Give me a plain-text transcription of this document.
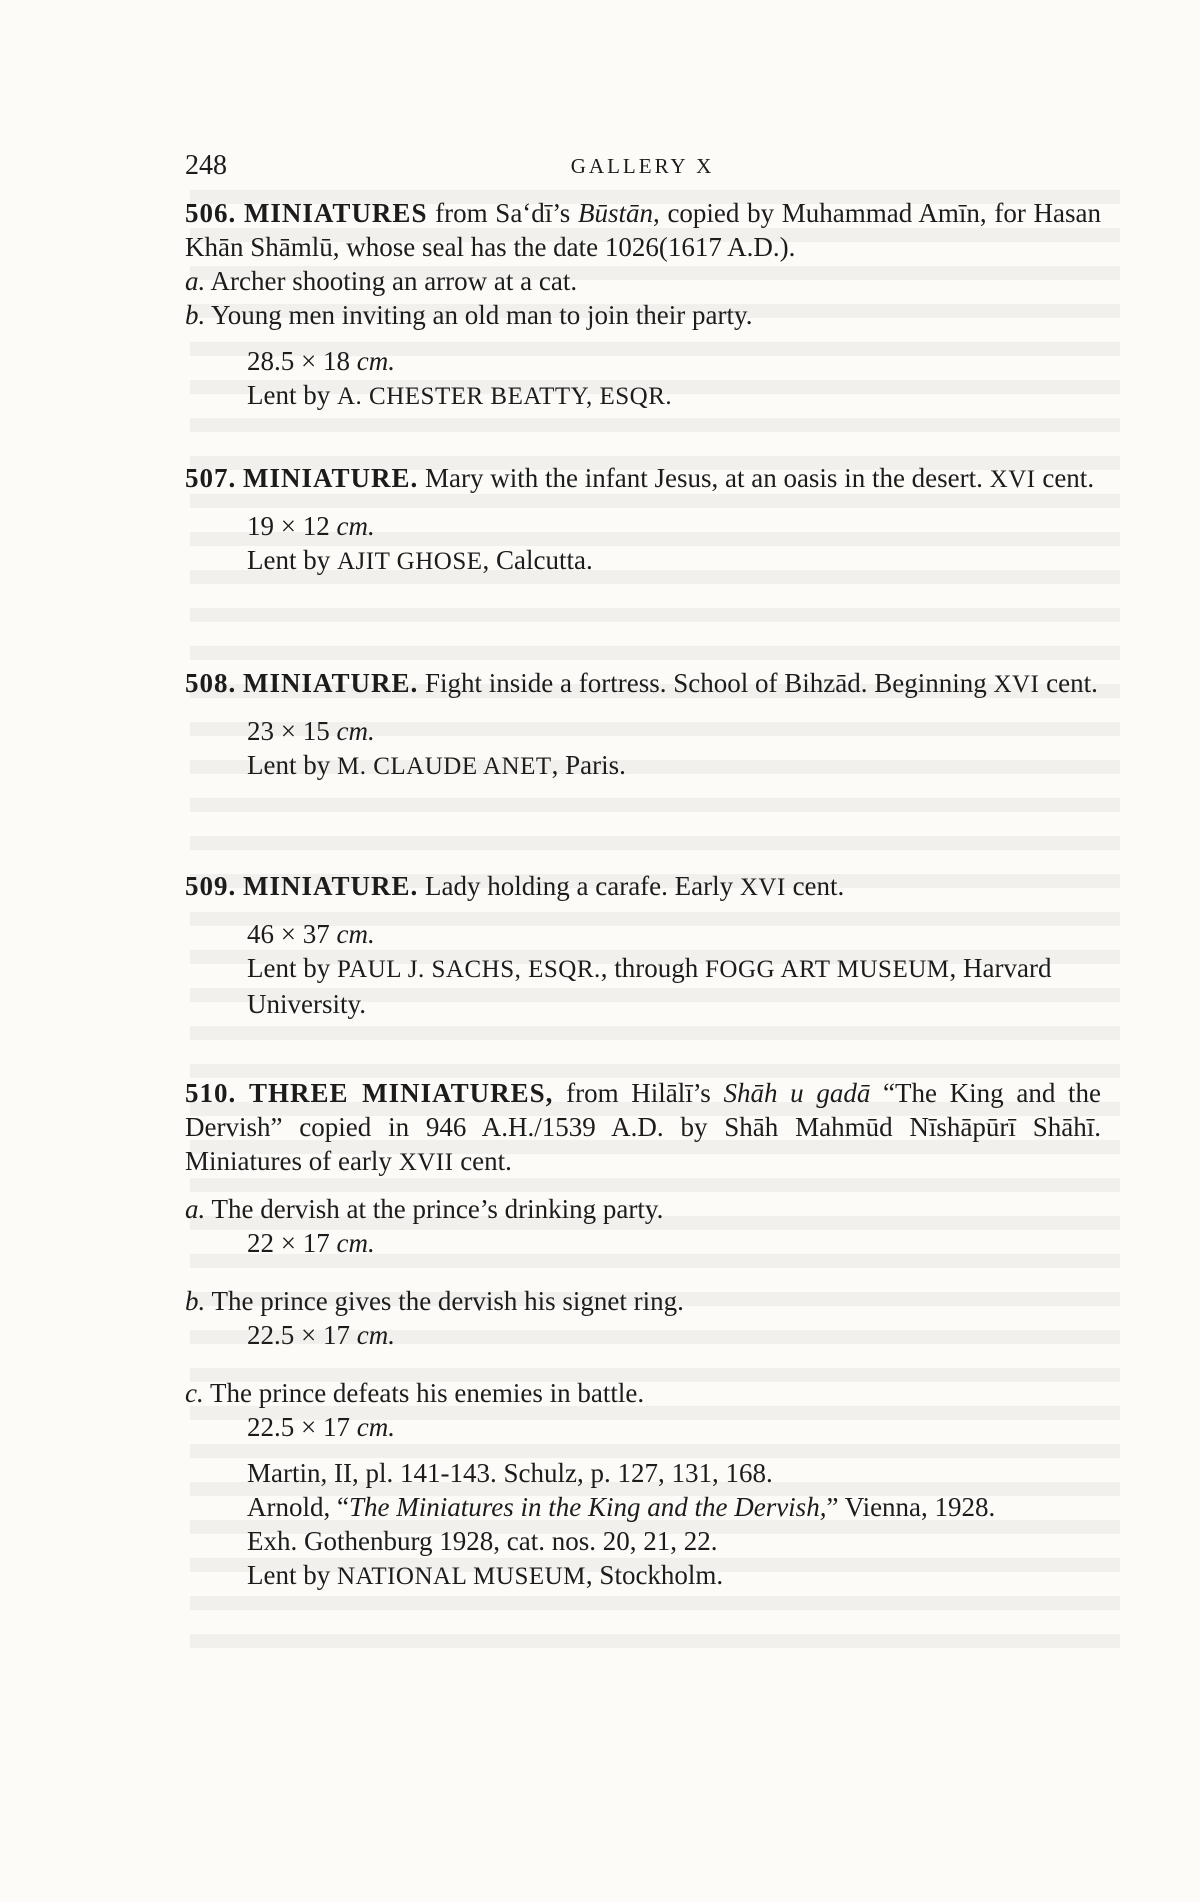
248	GALLERY X
506. MINIATURES from Sa‘dī’s Būstān, copied by Muhammad Amīn, for Hasan Khān Shāmlū, whose seal has the date 1026(1617 A.D.).
a. Archer shooting an arrow at a cat.
b. Young men inviting an old man to join their party.
28.5 × 18 cm.
Lent by A. CHESTER BEATTY, ESQR.
507. MINIATURE. Mary with the infant Jesus, at an oasis in the desert. XVI cent.
19 × 12 cm.
Lent by AJIT GHOSE, Calcutta.
508. MINIATURE. Fight inside a fortress. School of Bihzād. Beginning XVI cent.
23 × 15 cm.
Lent by M. CLAUDE ANET, Paris.
509. MINIATURE. Lady holding a carafe. Early XVI cent.
46 × 37 cm.
Lent by PAUL J. SACHS, ESQR., through FOGG ART MUSEUM, Harvard University.
510. THREE MINIATURES, from Hilālī’s Shāh u gadā “The King and the Dervish” copied in 946 A.H./1539 A.D. by Shāh Mahmūd Nīshāpūrī Shāhī. Miniatures of early XVII cent.
a. The dervish at the prince’s drinking party.
22 × 17 cm.
b. The prince gives the dervish his signet ring.
22.5 × 17 cm.
c. The prince defeats his enemies in battle.
22.5 × 17 cm.
Martin, II, pl. 141-143. Schulz, p. 127, 131, 168.
Arnold, “The Miniatures in the King and the Dervish,” Vienna, 1928.
Exh. Gothenburg 1928, cat. nos. 20, 21, 22.
Lent by NATIONAL MUSEUM, Stockholm.
